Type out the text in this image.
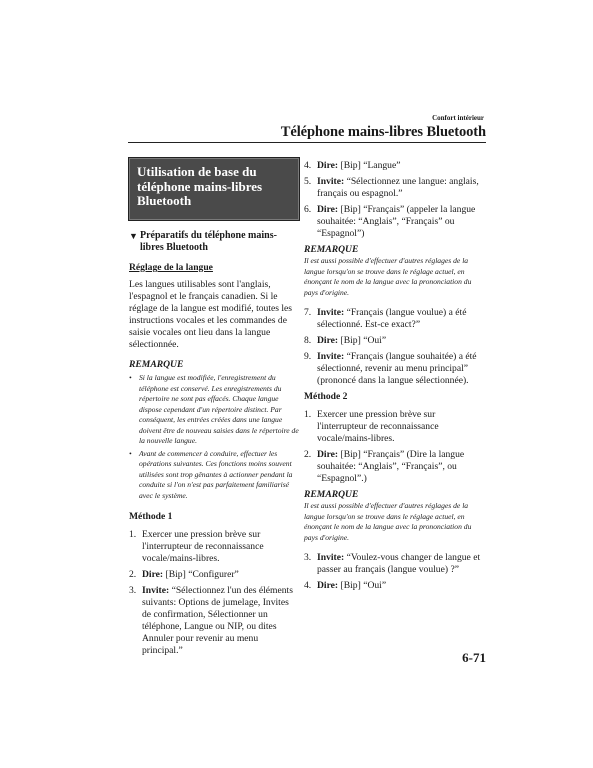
Confort intérieur
Téléphone mains-libres Bluetooth
Utilisation de base du téléphone mains-libres Bluetooth
▼ Préparatifs du téléphone mains-libres Bluetooth
Réglage de la langue

Les langues utilisables sont l'anglais, l'espagnol et le français canadien. Si le réglage de la langue est modifié, toutes les instructions vocales et les commandes de saisie vocales ont lieu dans la langue sélectionnée.

REMARQUE
• Si la langue est modifiée, l'enregistrement du téléphone est conservé. Les enregistrements du répertoire ne sont pas effacés. Chaque langue dispose cependant d'un répertoire distinct. Par conséquent, les entrées créées dans une langue doivent être de nouveau saisies dans le répertoire de la nouvelle langue.
• Avant de commencer à conduire, effectuer les opérations suivantes. Ces fonctions moins souvent utilisées sont trop gênantes à actionner pendant la conduite si l'on n'est pas parfaitement familiarisé avec le système.
Méthode 1
1. Exercer une pression brève sur l'interrupteur de reconnaissance vocale/mains-libres.
2. Dire: [Bip] “Configurer”
3. Invite: “Sélectionnez l'un des éléments suivants: Options de jumelage, Invites de confirmation, Sélectionner un téléphone, Langue ou NIP, ou dites Annuler pour revenir au menu principal.”
4. Dire: [Bip] “Langue”
5. Invite: “Sélectionnez une langue: anglais, français ou espagnol.”
6. Dire: [Bip] “Français” (appeler la langue souhaitée: “Anglais”, “Français” ou “Espagnol”)
REMARQUE

Il est aussi possible d'effectuer d'autres réglages de la langue lorsqu'on se trouve dans le réglage actuel, en énonçant le nom de la langue avec la prononciation du pays d'origine.

7. Invite: “Français (langue voulue) a été sélectionné. Est-ce exact?”
8. Dire: [Bip] “Oui”
9. Invite: “Français (langue souhaitée) a été sélectionné, revenir au menu principal” (prononcé dans la langue sélectionnée).
Méthode 2
1. Exercer une pression brève sur l'interrupteur de reconnaissance vocale/mains-libres.
2. Dire: [Bip] “Français” (Dire la langue souhaitée: “Anglais”, “Français”, ou “Espagnol”.)
REMARQUE

Il est aussi possible d'effectuer d'autres réglages de la langue lorsqu'on se trouve dans le réglage actuel, en énonçant le nom de la langue avec la prononciation du pays d'origine.

3. Invite: “Voulez-vous changer de langue et passer au français (langue voulue) ?”
4. Dire: [Bip] “Oui”
6-71
